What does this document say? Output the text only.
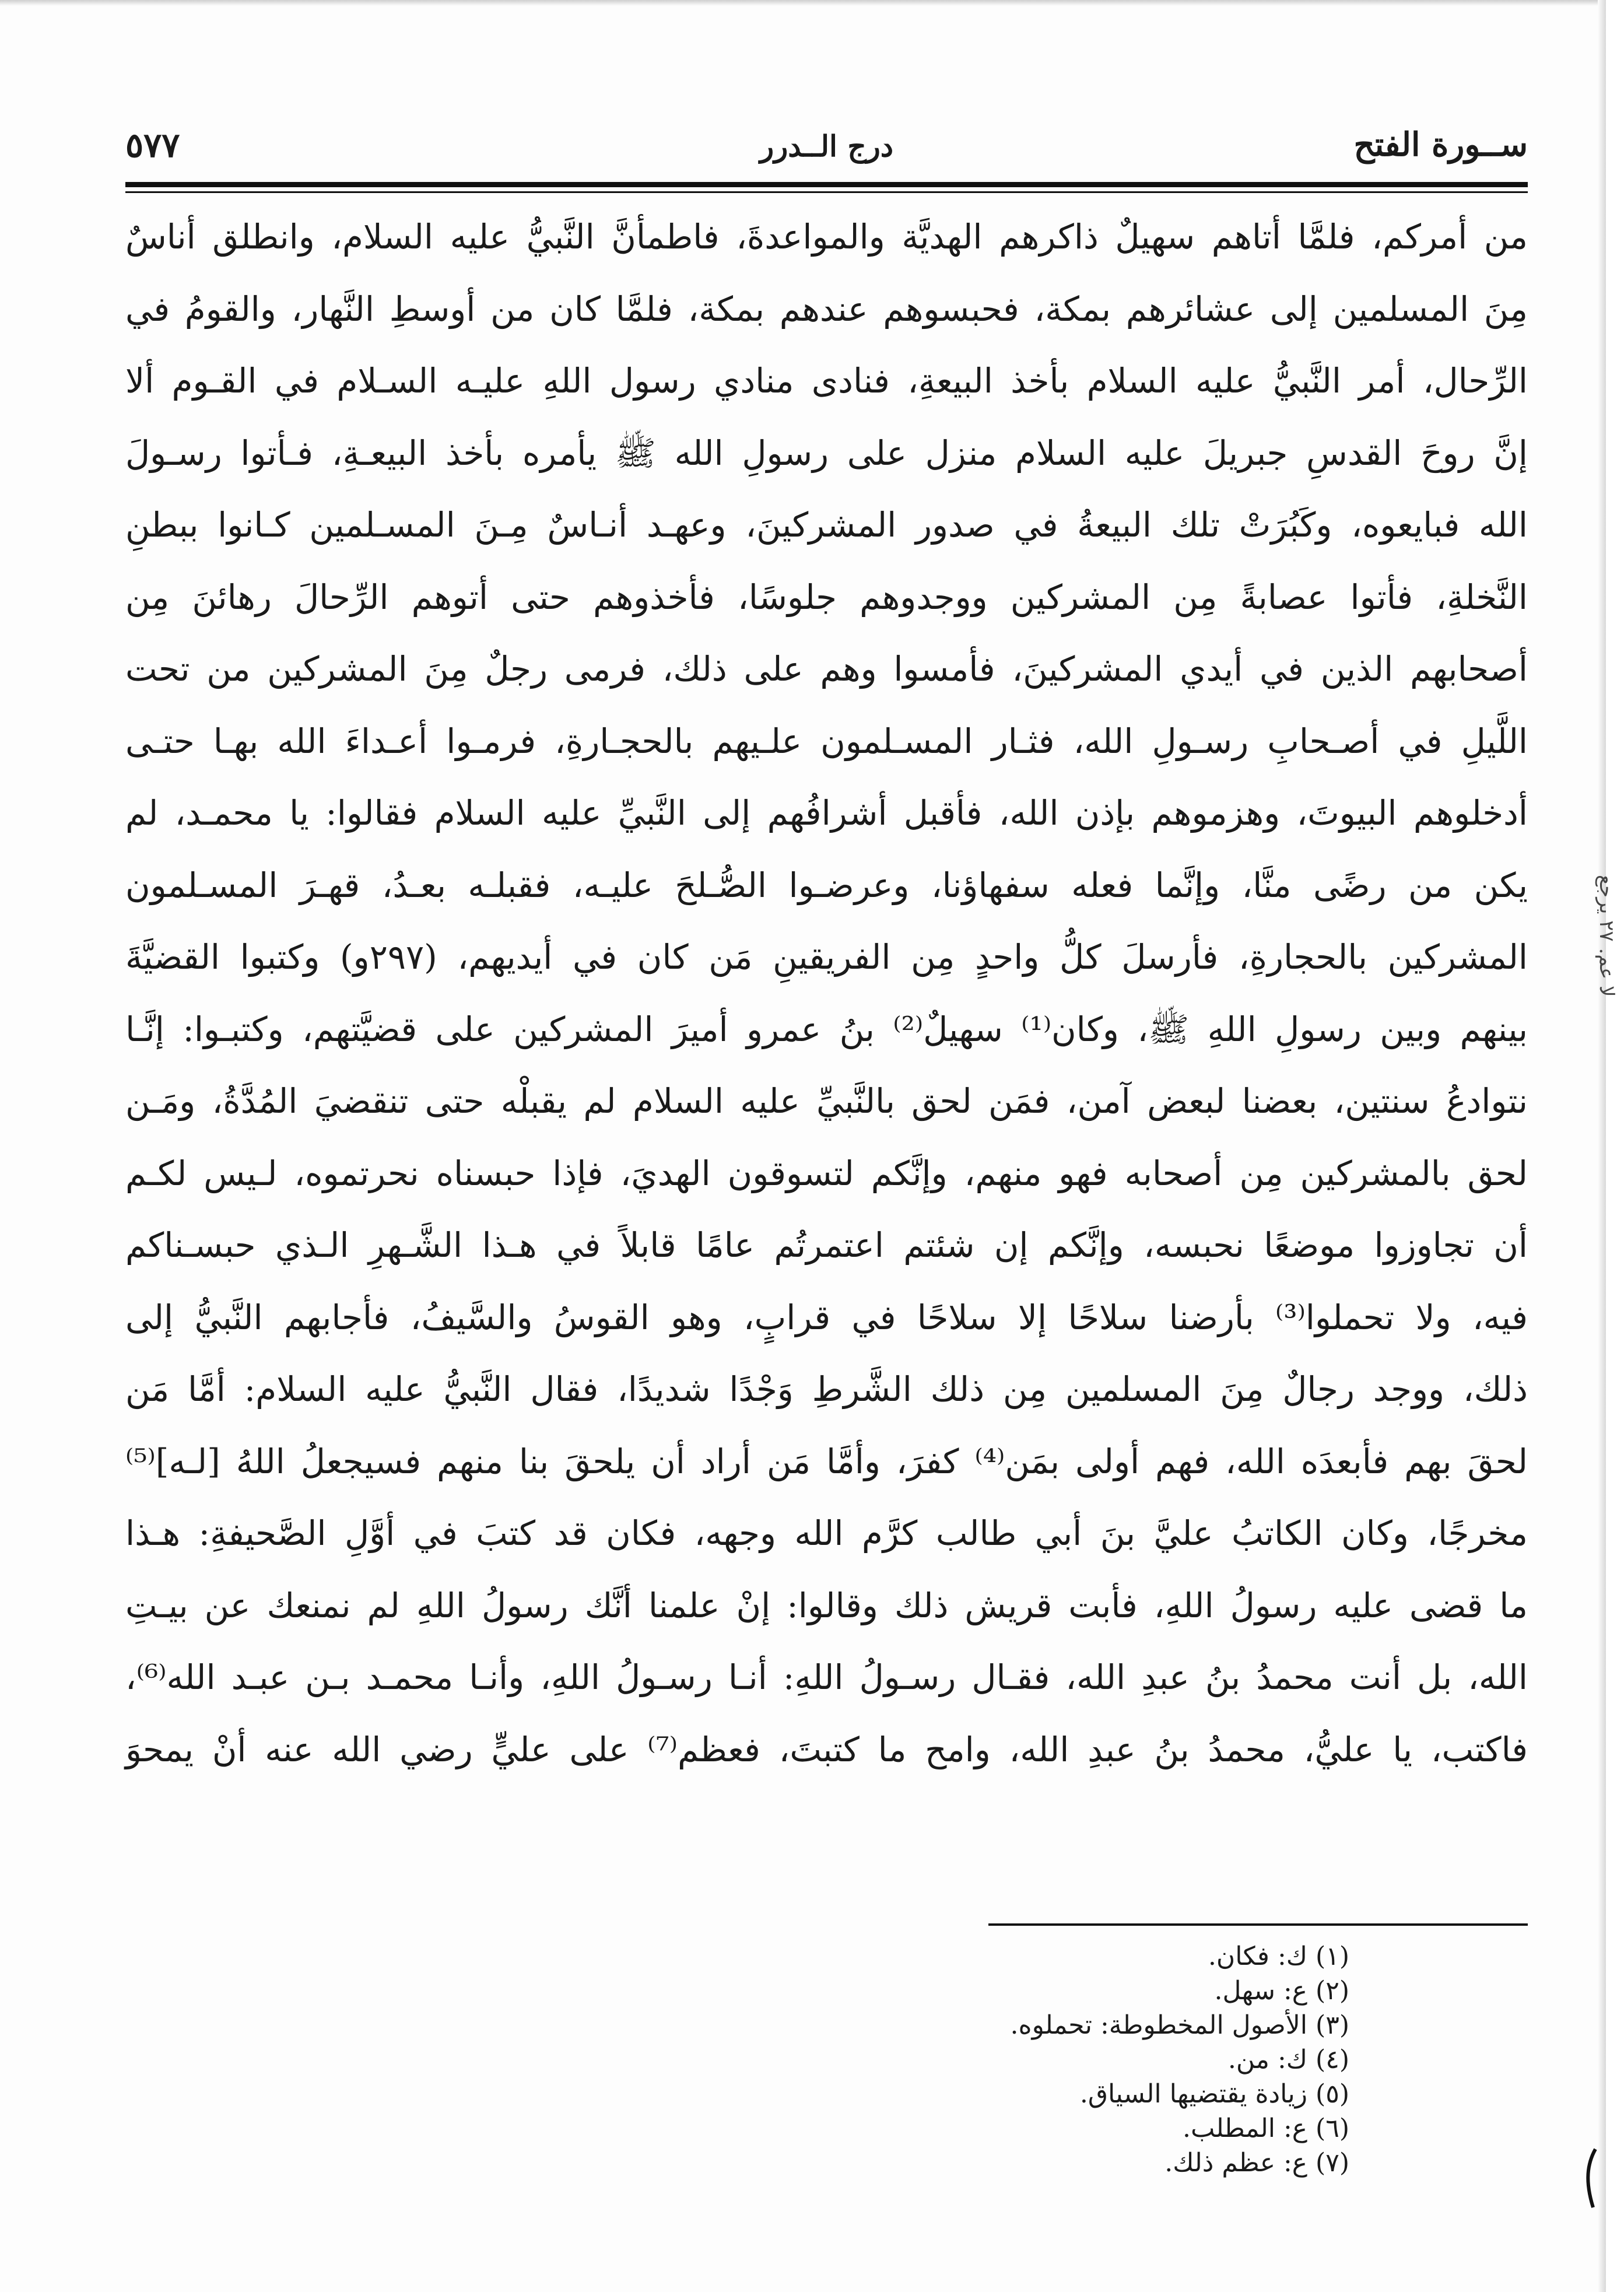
ســورة الفتح
درج الــدرر
٥٧٧
من أمركم، فلمَّا أتاهم سهيلٌ ذاكرهم الهديَّة والمواعدةَ، فاطمأنَّ النَّبيُّ عليه السلام، وانطلق أناسٌ
مِنَ المسلمين إلى عشائرهم بمكة، فحبسوهم عندهم بمكة، فلمَّا كان من أوسطِ النَّهار، والقومُ في
الرِّحال، أمر النَّبيُّ عليه السلام بأخذ البيعةِ، فنادى منادي رسول اللهِ عليـه السـلام في القـوم ألا
إنَّ روحَ القدسِ جبريلَ عليه السلام منزل على رسولِ الله ﷺ يأمره بأخذ البيعـةِ، فـأتوا رسـولَ
الله فبايعوه، وكَبُرَتْ تلك البيعةُ في صدور المشركينَ، وعهـد أنـاسٌ مِـنَ المسـلمين كـانوا ببطنِ
النَّخلةِ، فأتوا عصابةً مِن المشركين ووجدوهم جلوسًا، فأخذوهم حتى أتوهم الرِّحالَ رهائنَ مِن
أصحابهم الذين في أيدي المشركينَ، فأمسوا وهم على ذلك، فرمى رجلٌ مِنَ المشركين من تحت
اللَّيلِ في أصـحابِ رسـولِ الله، فثـار المسـلمون علـيهم بالحجـارةِ، فرمـوا أعـداءَ الله بهـا حتـى
أدخلوهم البيوتَ، وهزموهم بإذن الله، فأقبل أشرافُهم إلى النَّبيِّ عليه السلام فقالوا: يا محمـد، لم
يكن من رضًى منَّا، وإنَّما فعله سفهاؤنا، وعرضـوا الصُّـلحَ عليـه، فقبلـه بعـدُ، قهـرَ المسـلمون
المشركين بالحجارةِ، فأرسلَ كلُّ واحدٍ مِن الفريقينِ مَن كان في أيديهم، (٢٩٧و) وكتبوا القضيَّةَ
بينهم وبين رسولِ اللهِ ﷺ، وكان⁽¹⁾ سهيلٌ⁽²⁾ بنُ عمرو أميرَ المشركين على قضيَّتهم، وكتبـوا: إنَّـا
نتوادعُ سنتين، بعضنا لبعض آمن، فمَن لحق بالنَّبيِّ عليه السلام لم يقبلْه حتى تنقضيَ المُدَّةُ، ومَـن
لحق بالمشركين مِن أصحابه فهو منهم، وإنَّكم لتسوقون الهديَ، فإذا حبسناه نحرتموه، لـيس لكـم
أن تجاوزوا موضعًا نحبسه، وإنَّكم إن شئتم اعتمرتُم عامًا قابلاً في هـذا الشَّـهرِ الـذي حبسـناكم
فيه، ولا تحملوا⁽³⁾ بأرضنا سلاحًا إلا سلاحًا في قرابٍ، وهو القوسُ والسَّيفُ، فأجابهم النَّبيُّ إلى
ذلك، ووجد رجالٌ مِنَ المسلمين مِن ذلك الشَّرطِ وَجْدًا شديدًا، فقال النَّبيُّ عليه السلام: أمَّا مَن
لحقَ بهم فأبعدَه الله، فهم أولى بمَن⁽⁴⁾ كفرَ، وأمَّا مَن أراد أن يلحقَ بنا منهم فسيجعلُ اللهُ [لـه]⁽⁵⁾
مخرجًا، وكان الكاتبُ عليَّ بنَ أبي طالب كرَّم الله وجهه، فكان قد كتبَ في أوَّلِ الصَّحيفةِ: هـذا
ما قضى عليه رسولُ اللهِ، فأبت قريش ذلك وقالوا: إنْ علمنا أنَّك رسولُ اللهِ لم نمنعك عن بيـتِ
الله، بل أنت محمدُ بنُ عبدِ الله، فقـال رسـولُ اللهِ: أنـا رسـولُ اللهِ، وأنـا محمـد بـن عبـد الله⁽⁶⁾،
فاكتب، يا عليُّ، محمدُ بنُ عبدِ الله، وامح ما كتبتَ، فعظم⁽⁷⁾ على عليٍّ رضي الله عنه أنْ يمحوَ
(١) ك: فكان.
(٢) ع: سهل.
(٣) الأصول المخطوطة: تحملوه.
(٤) ك: من.
(٥) زيادة يقتضيها السياق.
(٦) ع: المطلب.
(٧) ع: عظم ذلك.
لا عم. ٢٧ يرجع
